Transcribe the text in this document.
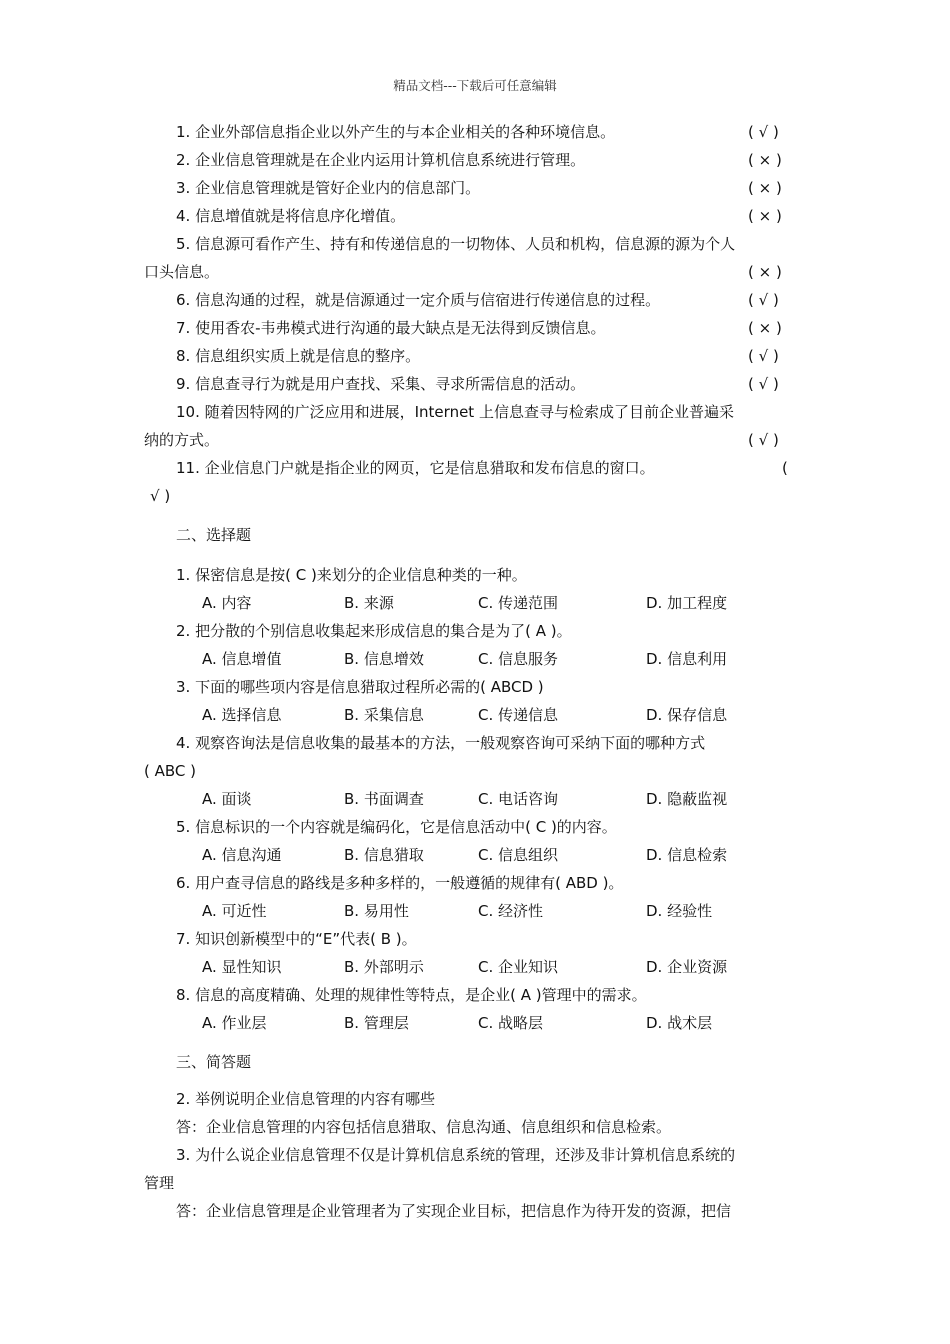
精品文档---下载后可任意编辑
1. 企业外部信息指企业以外产生的与本企业相关的各种环境信息。	( √ )
2. 企业信息管理就是在企业内运用计算机信息系统进行管理。	( × )
3. 企业信息管理就是管好企业内的信息部门。	( × )
4. 信息增值就是将信息序化增值。	( × )
5. 信息源可看作产生、持有和传递信息的一切物体、人员和机构，信息源的源为个人
口头信息。	( × )
6. 信息沟通的过程，就是信源通过一定介质与信宿进行传递信息的过程。	( √ )
7. 使用香农-韦弗模式进行沟通的最大缺点是无法得到反馈信息。	( × )
8. 信息组织实质上就是信息的整序。	( √ )
9. 信息查寻行为就是用户查找、采集、寻求所需信息的活动。	( √ )
10. 随着因特网的广泛应用和进展，Internet 上信息查寻与检索成了目前企业普遍采
纳的方式。	( √ )
11. 企业信息门户就是指企业的网页，它是信息猎取和发布信息的窗口。	(
√ )
二、选择题
1. 保密信息是按( C )来划分的企业信息种类的一种。
A. 内容	B. 来源	C. 传递范围	D. 加工程度
2. 把分散的个别信息收集起来形成信息的集合是为了( A )。
A. 信息增值	B. 信息增效	C. 信息服务	D. 信息利用
3. 下面的哪些项内容是信息猎取过程所必需的( ABCD )
A. 选择信息	B. 采集信息	C. 传递信息	D. 保存信息
4. 观察咨询法是信息收集的最基本的方法，一般观察咨询可采纳下面的哪种方式
( ABC )
A. 面谈	B. 书面调查	C. 电话咨询	D. 隐蔽监视
5. 信息标识的一个内容就是编码化，它是信息活动中( C )的内容。
A. 信息沟通	B. 信息猎取	C. 信息组织	D. 信息检索
6. 用户查寻信息的路线是多种多样的，一般遵循的规律有( ABD )。
A. 可近性	B. 易用性	C. 经济性	D. 经验性
7. 知识创新模型中的“E”代表( B )。
A. 显性知识	B. 外部明示	C. 企业知识	D. 企业资源
8. 信息的高度精确、处理的规律性等特点，是企业( A )管理中的需求。
A. 作业层	B. 管理层	C. 战略层	D. 战术层
三、简答题
2. 举例说明企业信息管理的内容有哪些
答：企业信息管理的内容包括信息猎取、信息沟通、信息组织和信息检索。
3. 为什么说企业信息管理不仅是计算机信息系统的管理，还涉及非计算机信息系统的
管理
答：企业信息管理是企业管理者为了实现企业目标，把信息作为待开发的资源，把信
